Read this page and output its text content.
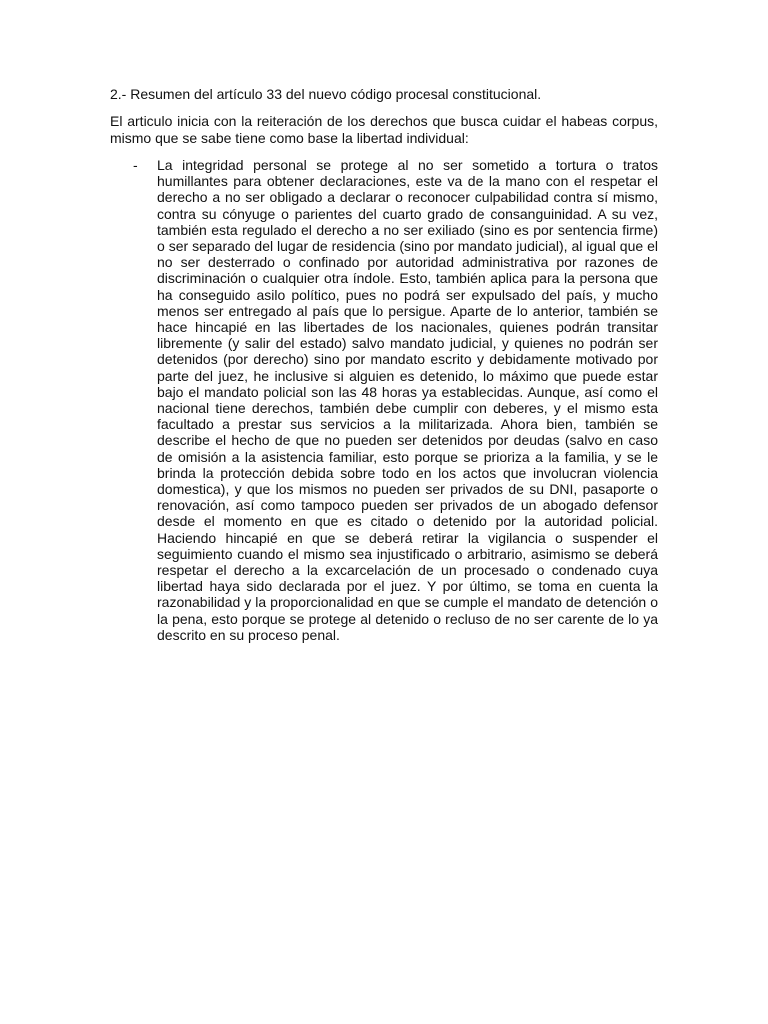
2.- Resumen del artículo 33 del nuevo código procesal constitucional.

El articulo inicia con la reiteración de los derechos que busca cuidar el habeas corpus, mismo que se sabe tiene como base la libertad individual:

-	La integridad personal se protege al no ser sometido a tortura o tratos humillantes para obtener declaraciones, este va de la mano con el respetar el derecho a no ser obligado a declarar o reconocer culpabilidad contra sí mismo, contra su cónyuge o parientes del cuarto grado de consanguinidad. A su vez, también esta regulado el derecho a no ser exiliado (sino es por sentencia firme) o ser separado del lugar de residencia (sino por mandato judicial), al igual que el no ser desterrado o confinado por autoridad administrativa por razones de discriminación o cualquier otra índole. Esto, también aplica para la persona que ha conseguido asilo político, pues no podrá ser expulsado del país, y mucho menos ser entregado al país que lo persigue. Aparte de lo anterior, también se hace hincapié en las libertades de los nacionales, quienes podrán transitar libremente (y salir del estado) salvo mandato judicial, y quienes no podrán ser detenidos (por derecho) sino por mandato escrito y debidamente motivado por parte del juez, he inclusive si alguien es detenido, lo máximo que puede estar bajo el mandato policial son las 48 horas ya establecidas. Aunque, así como el nacional tiene derechos, también debe cumplir con deberes, y el mismo esta facultado a prestar sus servicios a la militarizada. Ahora bien, también se describe el hecho de que no pueden ser detenidos por deudas (salvo en caso de omisión a la asistencia familiar, esto porque se prioriza a la familia, y se le brinda la protección debida sobre todo en los actos que involucran violencia domestica), y que los mismos no pueden ser privados de su DNI, pasaporte o renovación, así como tampoco pueden ser privados de un abogado defensor desde el momento en que es citado o detenido por la autoridad policial. Haciendo hincapié en que se deberá retirar la vigilancia o suspender el seguimiento cuando el mismo sea injustificado o arbitrario, asimismo se deberá respetar el derecho a la excarcelación de un procesado o condenado cuya libertad haya sido declarada por el juez. Y por último, se toma en cuenta la razonabilidad y la proporcionalidad en que se cumple el mandato de detención o la pena, esto porque se protege al detenido o recluso de no ser carente de lo ya descrito en su proceso penal.
